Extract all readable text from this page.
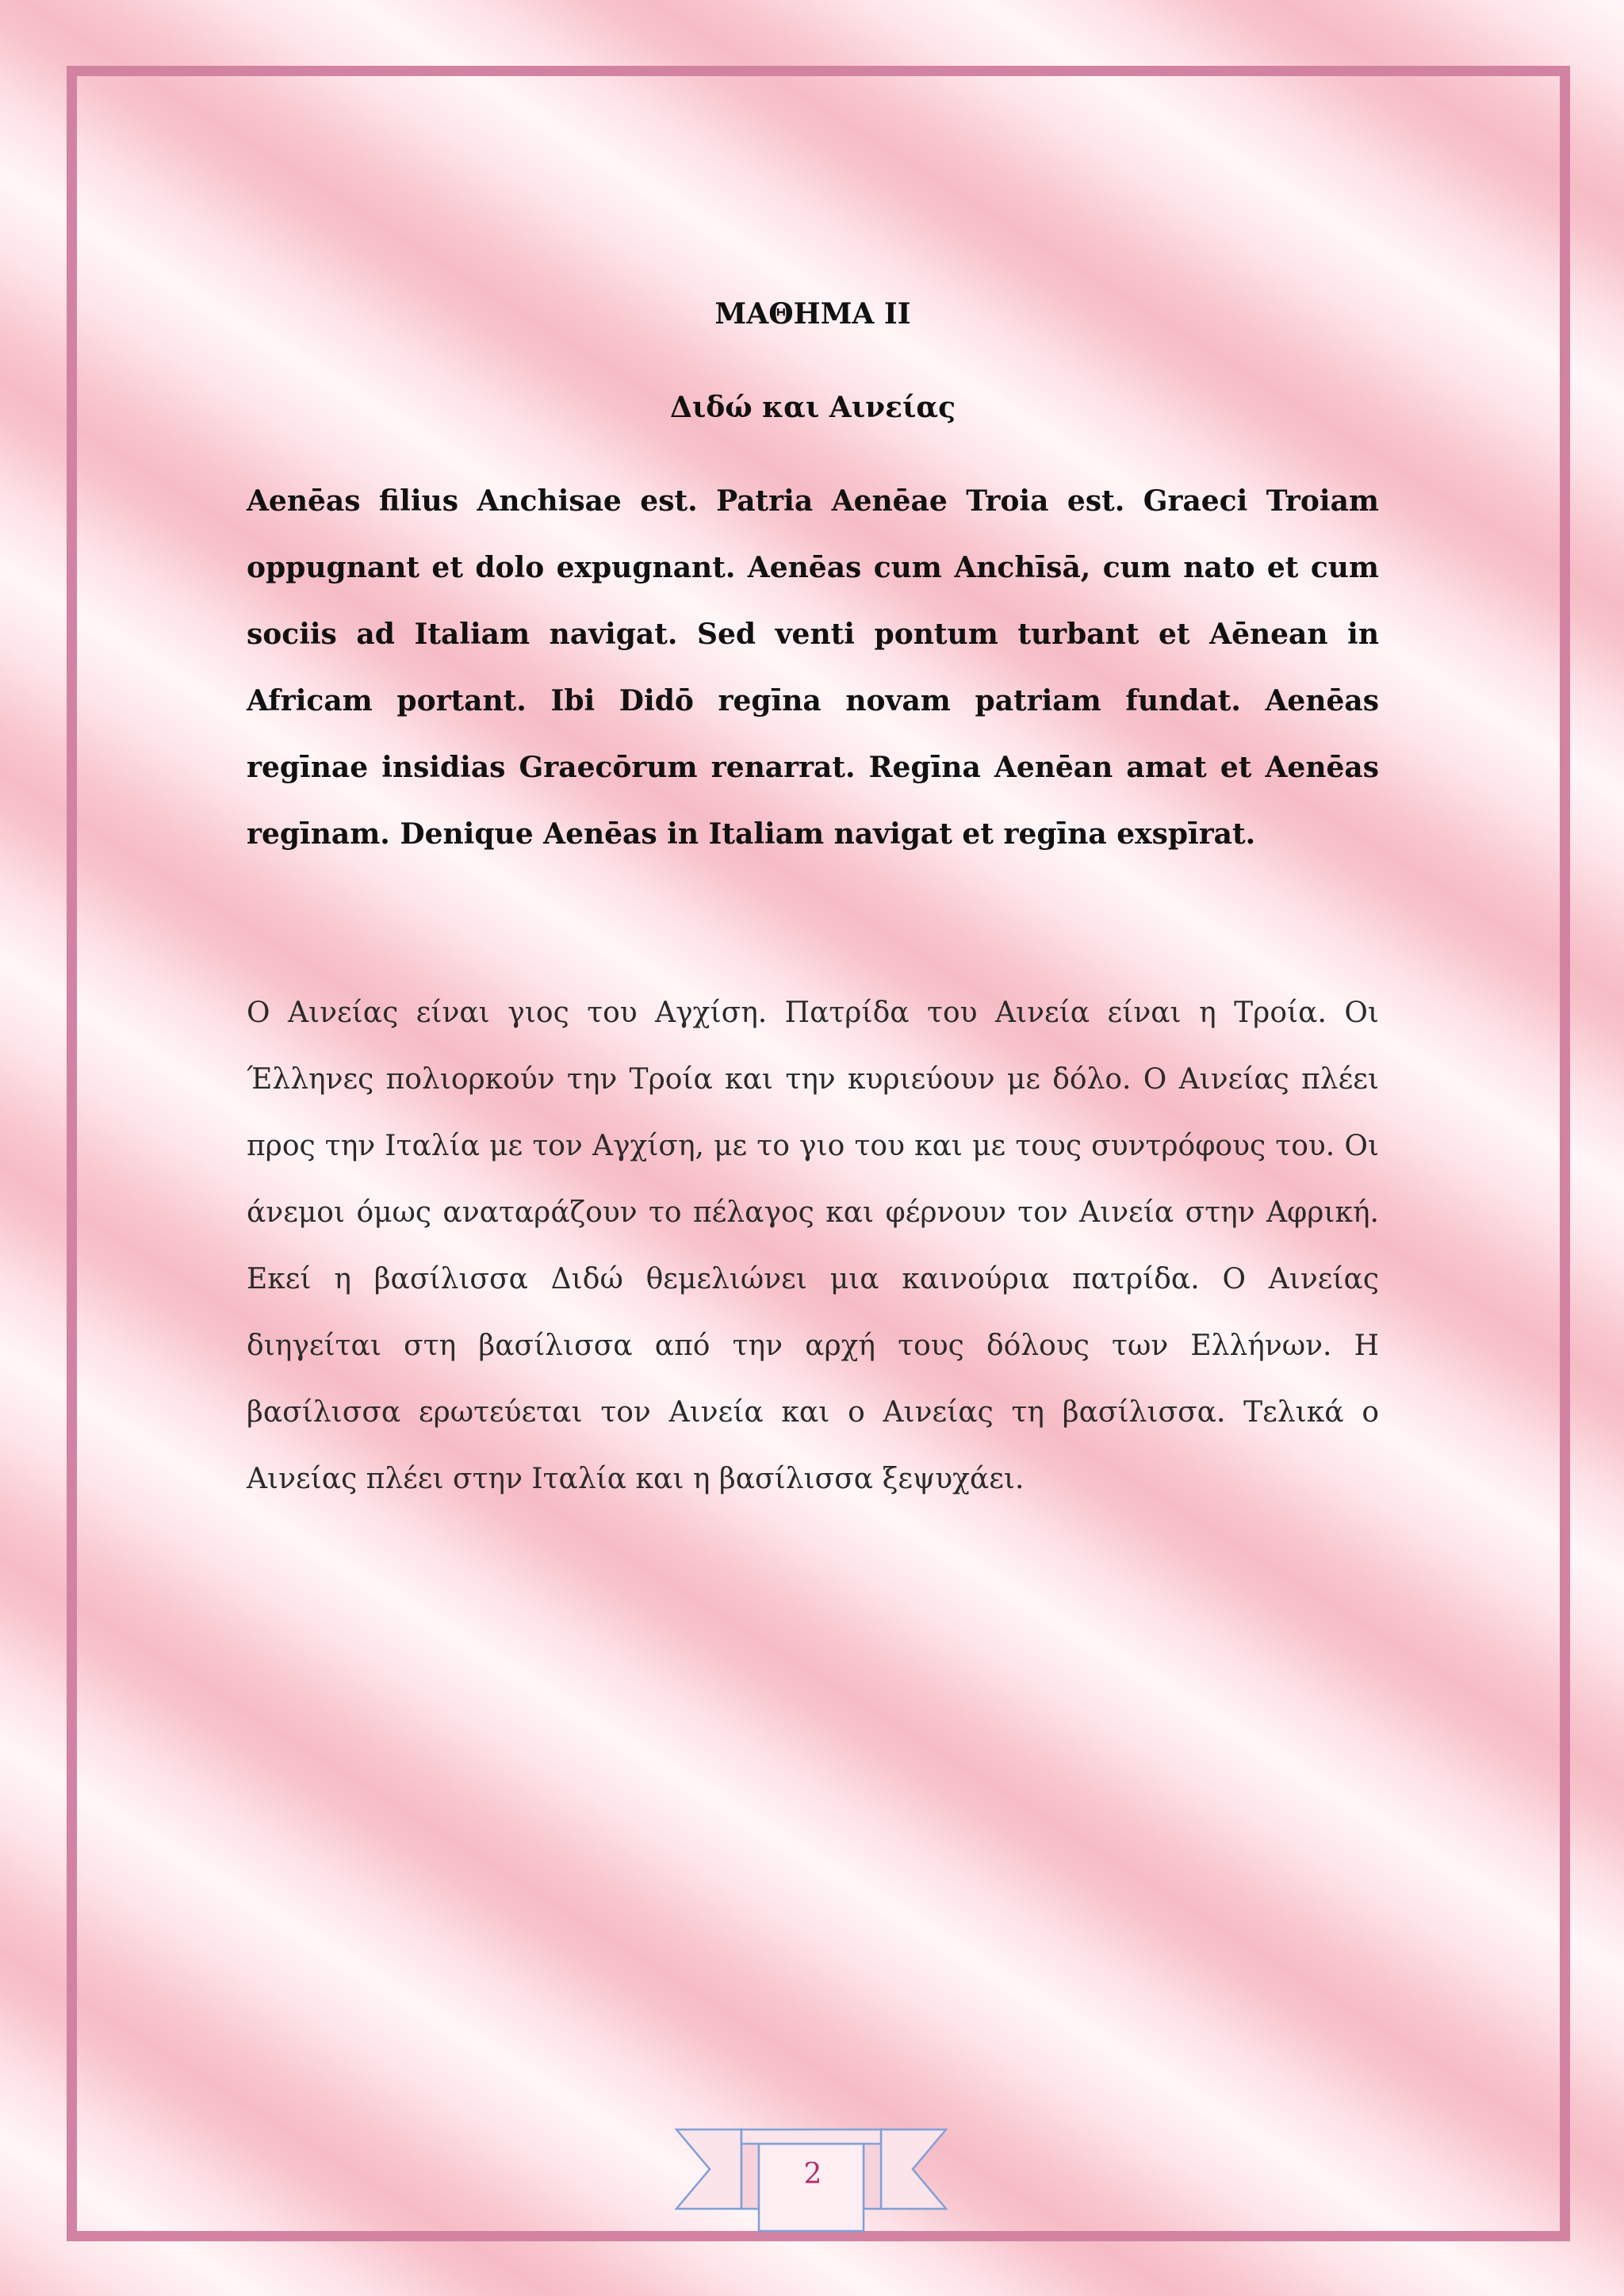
ΜΑΘΗΜΑ ΙΙ

Διδώ και Αινείας

Aenēas filius Anchisae est. Patria Aenēae Troia est. Graeci Troiam oppugnant et dolo expugnant. Aenēas cum Anchīsā, cum nato et cum sociis ad Italiam navigat. Sed venti pontum turbant et Aēnean in Africam portant. Ibi Didō regīna novam patriam fundat. Aenēas regīnae insidias Graecōrum renarrat. Regīna Aenēan amat et Aenēas regīnam. Denique Aenēas in Italiam navigat et regīna exspīrat.

Ο Αινείας είναι γιος του Αγχίση. Πατρίδα του Αινεία είναι η Τροία. Οι Έλληνες πολιορκούν την Τροία και την κυριεύουν με δόλο. Ο Αινείας πλέει προς την Ιταλία με τον Αγχίση, με το γιο του και με τους συντρόφους του. Οι άνεμοι όμως αναταράζουν το πέλαγος και φέρνουν τον Αινεία στην Αφρική. Εκεί η βασίλισσα Διδώ θεμελιώνει μια καινούρια πατρίδα. Ο Αινείας διηγείται στη βασίλισσα από την αρχή τους δόλους των Ελλήνων. Η βασίλισσα ερωτεύεται τον Αινεία και ο Αινείας τη βασίλισσα. Τελικά ο Αινείας πλέει στην Ιταλία και η βασίλισσα ξεψυχάει.

2
